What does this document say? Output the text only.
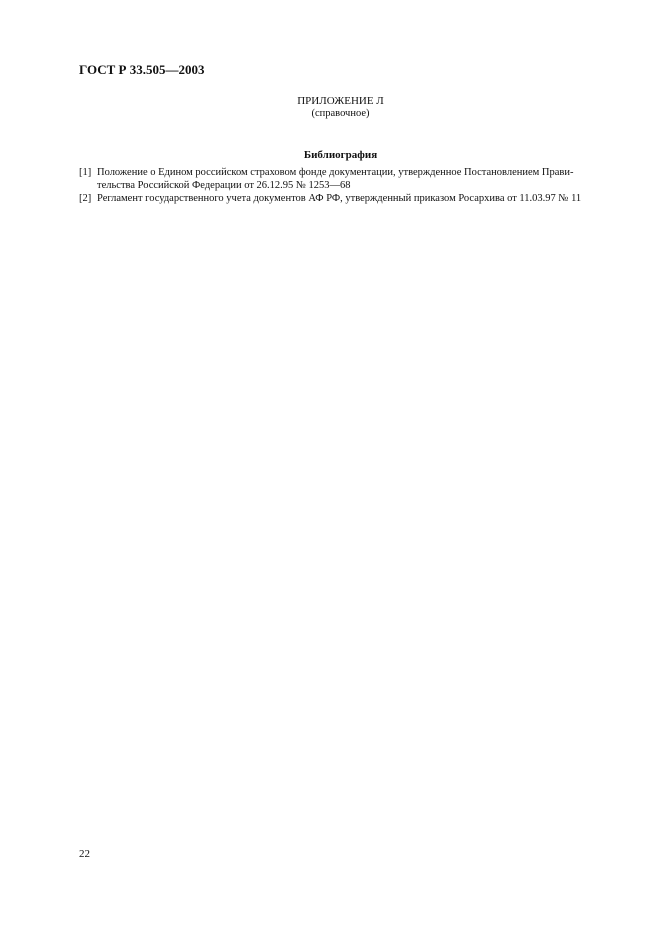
ГОСТ Р 33.505—2003
ПРИЛОЖЕНИЕ Л
(справочное)
Библиография
[1] Положение о Едином российском страховом фонде документации, утвержденное Постановлением Прави-
тельства Российской Федерации от 26.12.95 № 1253—68
[2] Регламент государственного учета документов АФ РФ, утвержденный приказом Росархива от 11.03.97 № 11
22
